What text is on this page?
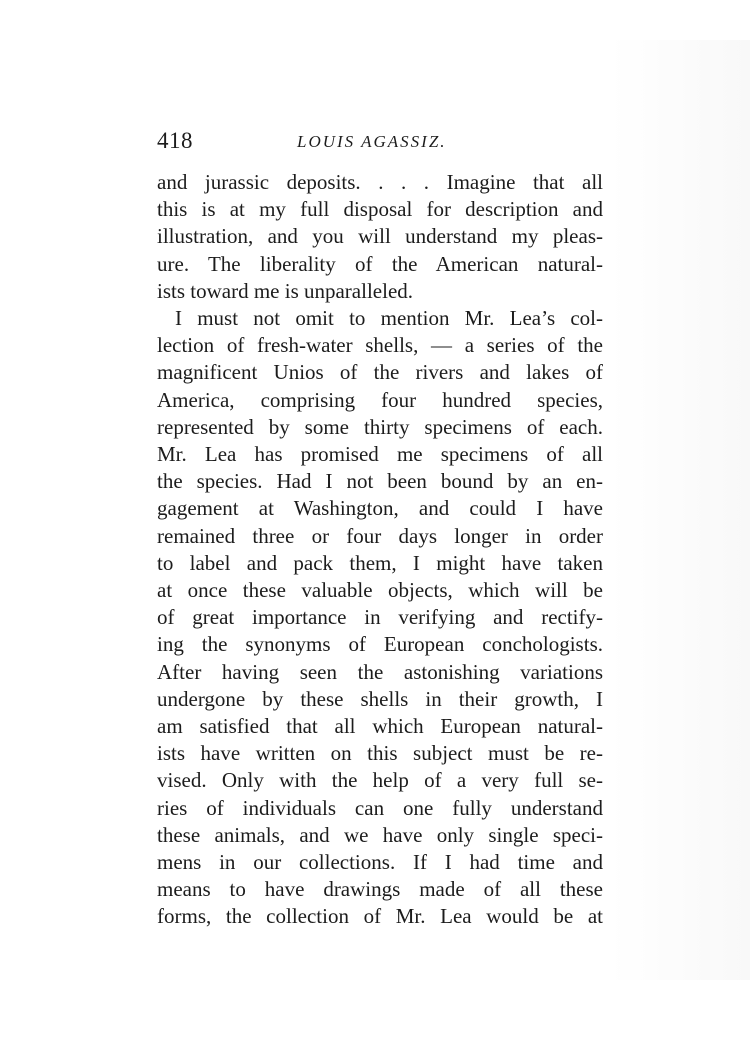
418	LOUIS AGASSIZ.
and jurassic deposits. . . . Imagine that all
this is at my full disposal for description and
illustration, and you will understand my pleas-
ure. The liberality of the American natural-
ists toward me is unparalleled.
I must not omit to mention Mr. Lea’s col-
lection of fresh-water shells, — a series of the
magnificent Unios of the rivers and lakes of
America, comprising four hundred species,
represented by some thirty specimens of each.
Mr. Lea has promised me specimens of all
the species. Had I not been bound by an en-
gagement at Washington, and could I have
remained three or four days longer in order
to label and pack them, I might have taken
at once these valuable objects, which will be
of great importance in verifying and rectify-
ing the synonyms of European conchologists.
After having seen the astonishing variations
undergone by these shells in their growth, I
am satisfied that all which European natural-
ists have written on this subject must be re-
vised. Only with the help of a very full se-
ries of individuals can one fully understand
these animals, and we have only single speci-
mens in our collections. If I had time and
means to have drawings made of all these
forms, the collection of Mr. Lea would be at
